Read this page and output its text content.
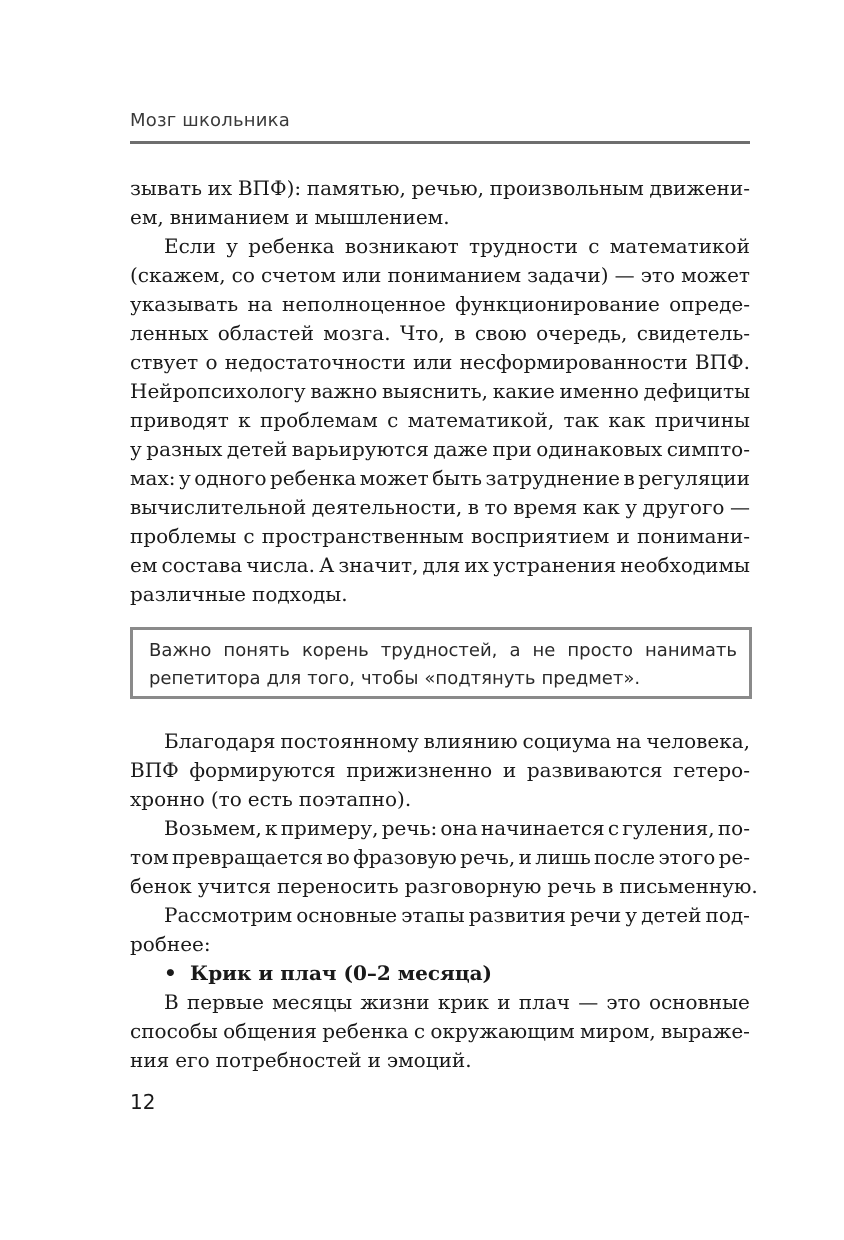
Мозг школьника
зывать их ВПФ): памятью, речью, произвольным движени-
ем, вниманием и мышлением.
Если у ребенка возникают трудности с математикой
(скажем, со счетом или пониманием задачи) — это может
указывать на неполноценное функционирование опреде-
ленных областей мозга. Что, в свою очередь, свидетель-
ствует о недостаточности или несформированности ВПФ.
Нейропсихологу важно выяснить, какие именно дефициты
приводят к проблемам с математикой, так как причины
у разных детей варьируются даже при одинаковых симпто-
мах: у одного ребенка может быть затруднение в регуляции
вычислительной деятельности, в то время как у другого —
проблемы с пространственным восприятием и понимани-
ем состава числа. А значит, для их устранения необходимы
различные подходы.
Важно понять корень трудностей, а не просто нанимать
репетитора для того, чтобы «подтянуть предмет».
Благодаря постоянному влиянию социума на человека,
ВПФ формируются прижизненно и развиваются гетеро-
хронно (то есть поэтапно).
Возьмем, к примеру, речь: она начинается с гуления, по-
том превращается во фразовую речь, и лишь после этого ре-
бенок учится переносить разговорную речь в письменную.
Рассмотрим основные этапы развития речи у детей под-
робнее:
• Крик и плач (0–2 месяца)
В первые месяцы жизни крик и плач — это основные
способы общения ребенка с окружающим миром, выраже-
ния его потребностей и эмоций.
12
